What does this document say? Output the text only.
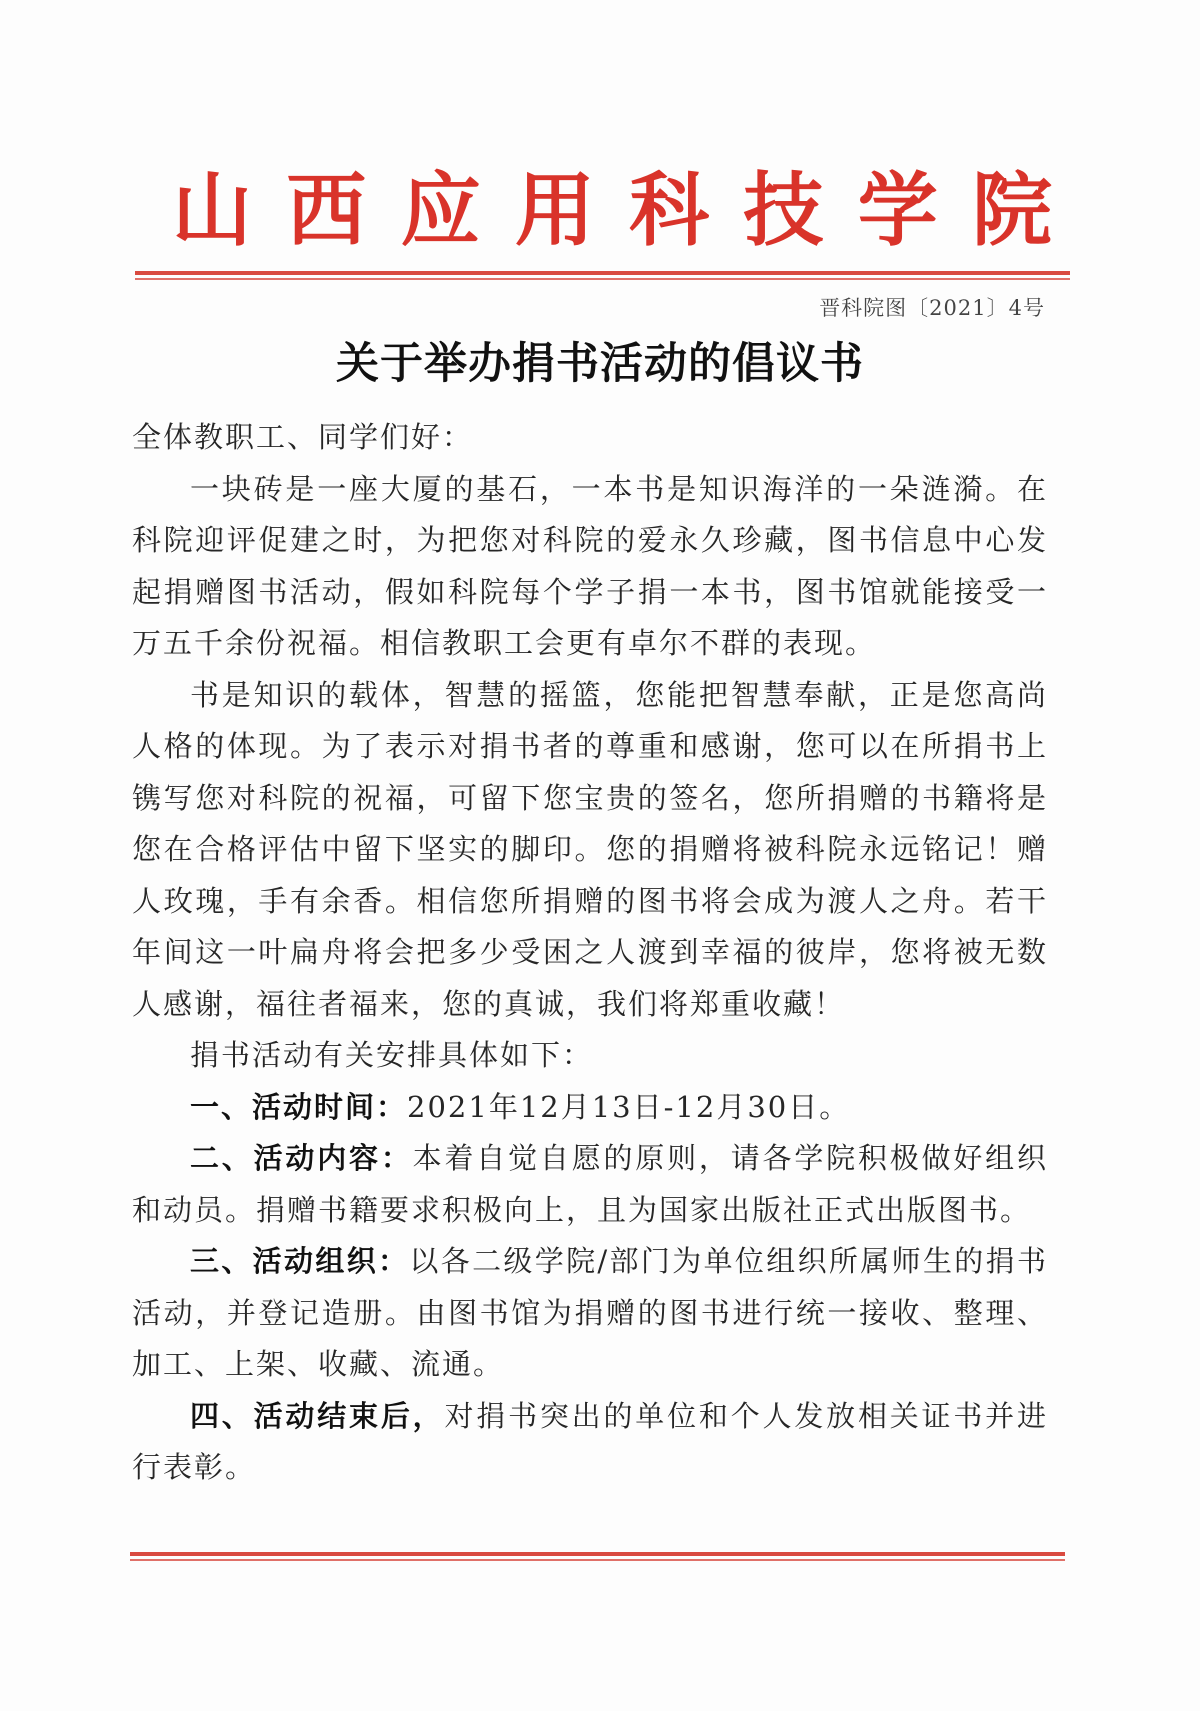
山 西 应 用 科 技 学 院
晋科院图〔2021〕4号
关于举办捐书活动的倡议书

全体教职工、同学们好：

一块砖是一座大厦的基石，一本书是知识海洋的一朵涟漪。在科院迎评促建之时，为把您对科院的爱永久珍藏，图书信息中心发起捐赠图书活动，假如科院每个学子捐一本书，图书馆就能接受一万五千余份祝福。相信教职工会更有卓尔不群的表现。

书是知识的载体，智慧的摇篮，您能把智慧奉献，正是您高尚人格的体现。为了表示对捐书者的尊重和感谢，您可以在所捐书上镌写您对科院的祝福，可留下您宝贵的签名，您所捐赠的书籍将是您在合格评估中留下坚实的脚印。您的捐赠将被科院永远铭记！赠人玫瑰，手有余香。相信您所捐赠的图书将会成为渡人之舟。若干年间这一叶扁舟将会把多少受困之人渡到幸福的彼岸，您将被无数人感谢，福往者福来，您的真诚，我们将郑重收藏！

捐书活动有关安排具体如下：

一、活动时间：2021年12月13日-12月30日。

二、活动内容：本着自觉自愿的原则，请各学院积极做好组织和动员。捐赠书籍要求积极向上，且为国家出版社正式出版图书。

三、活动组织：以各二级学院/部门为单位组织所属师生的捐书活动，并登记造册。由图书馆为捐赠的图书进行统一接收、整理、加工、上架、收藏、流通。

四、活动结束后，对捐书突出的单位和个人发放相关证书并进行表彰。
